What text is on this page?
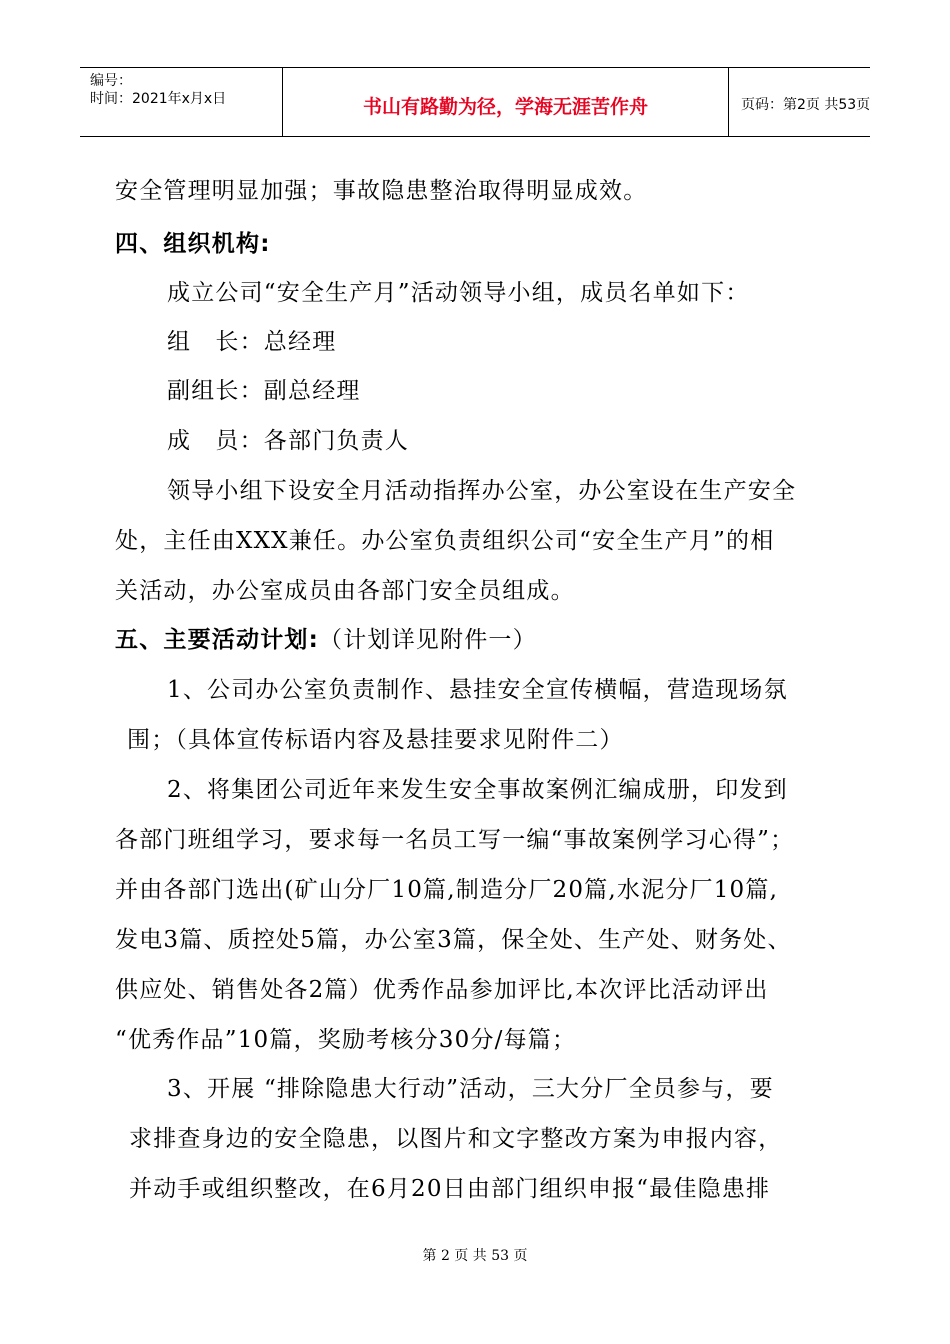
编号：
时间：2021年x月x日	书山有路勤为径，学海无涯苦作舟	页码：第2页 共53页
安全管理明显加强；事故隐患整治取得明显成效。
四、组织机构:
成立公司“安全生产月”活动领导小组，成员名单如下：
组　长：总经理
副组长：副总经理
成　员：各部门负责人
领导小组下设安全月活动指挥办公室，办公室设在生产安全
处，主任由XXX兼任。办公室负责组织公司“安全生产月”的相
关活动，办公室成员由各部门安全员组成。
五、主要活动计划:（计划详见附件一）
1、公司办公室负责制作、悬挂安全宣传横幅，营造现场氛
围；（具体宣传标语内容及悬挂要求见附件二）
2、将集团公司近年来发生安全事故案例汇编成册，印发到
各部门班组学习，要求每一名员工写一编“事故案例学习心得”；
并由各部门选出(矿山分厂10篇,制造分厂20篇,水泥分厂10篇,
发电3篇、质控处5篇，办公室3篇，保全处、生产处、财务处、
供应处、销售处各2篇）优秀作品参加评比,本次评比活动评出
“优秀作品”10篇，奖励考核分30分/每篇；
3、开展 “排除隐患大行动”活动，三大分厂全员参与，要
求排查身边的安全隐患，以图片和文字整改方案为申报内容，
并动手或组织整改，在6月20日由部门组织申报“最佳隐患排
第 2 页 共 53 页
